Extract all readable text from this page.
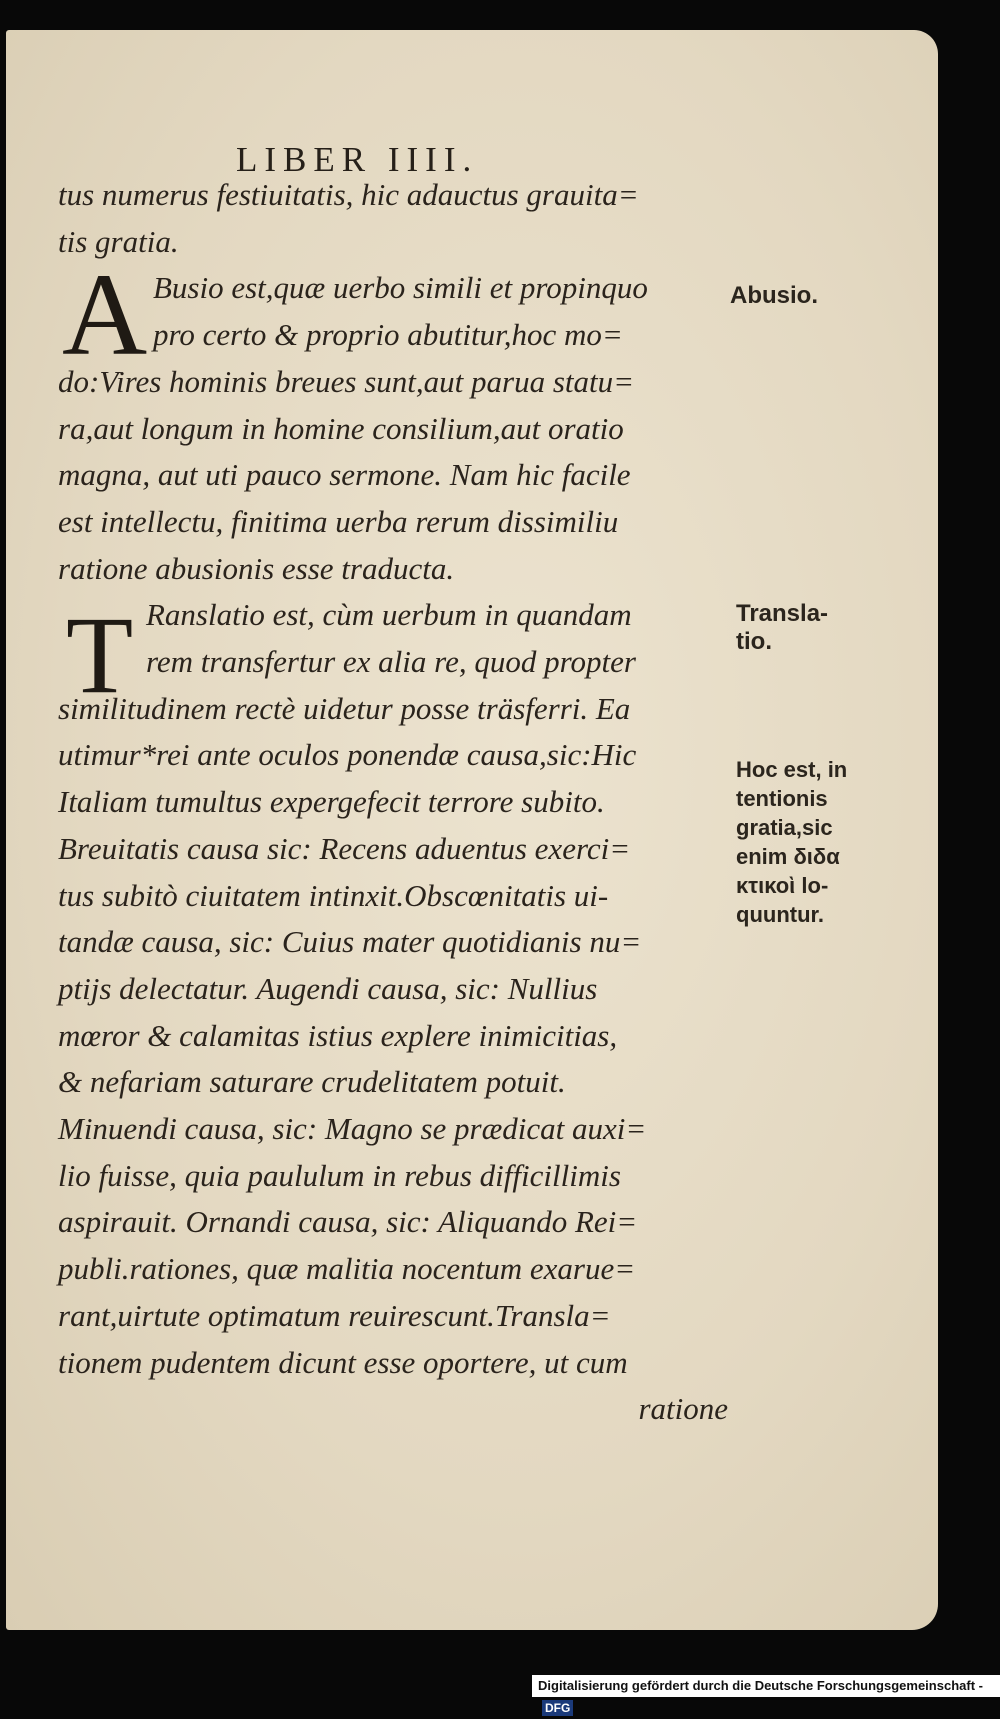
LIBER IIII.
A
T
tus numerus festiuitatis, hic adauctus grauita=
tis gratia.
Busio est,quæ uerbo simili et propinquo
pro certo & proprio abutitur,hoc mo=
do:Vires hominis breues sunt,aut parua statu=
ra,aut longum in homine consilium,aut oratio
magna, aut uti pauco sermone. Nam hic facile
est intellectu, finitima uerba rerum dissimiliu
ratione abusionis esse traducta.
Ranslatio est, cùm uerbum in quandam
rem transfertur ex alia re, quod propter
similitudinem rectè uidetur posse träsferri. Ea
utimur*rei ante oculos ponendæ causa,sic:Hic
Italiam tumultus expergefecit terrore subito.
Breuitatis causa sic: Recens aduentus exerci=
tus subitò ciuitatem intinxit.Obscœnitatis ui-
tandæ causa, sic: Cuius mater quotidianis nu=
ptijs delectatur. Augendi causa, sic: Nullius
mœror & calamitas istius explere inimicitias,
& nefariam saturare crudelitatem potuit.
Minuendi causa, sic: Magno se prædicat auxi=
lio fuisse, quia paululum in rebus difficillimis
aspirauit. Ornandi causa, sic: Aliquando Rei=
publi.rationes, quæ malitia nocentum exarue=
rant,uirtute optimatum reuirescunt.Transla=
tionem pudentem dicunt esse oportere, ut cum
ratione
Abusio.
Transla-
tio.
Hoc est, in
tentionis
gratia,sic
enim διδα
κτικοὶ lo-
quuntur.
Digitalisierung gefördert durch die Deutsche Forschungsgemeinschaft - DFG
